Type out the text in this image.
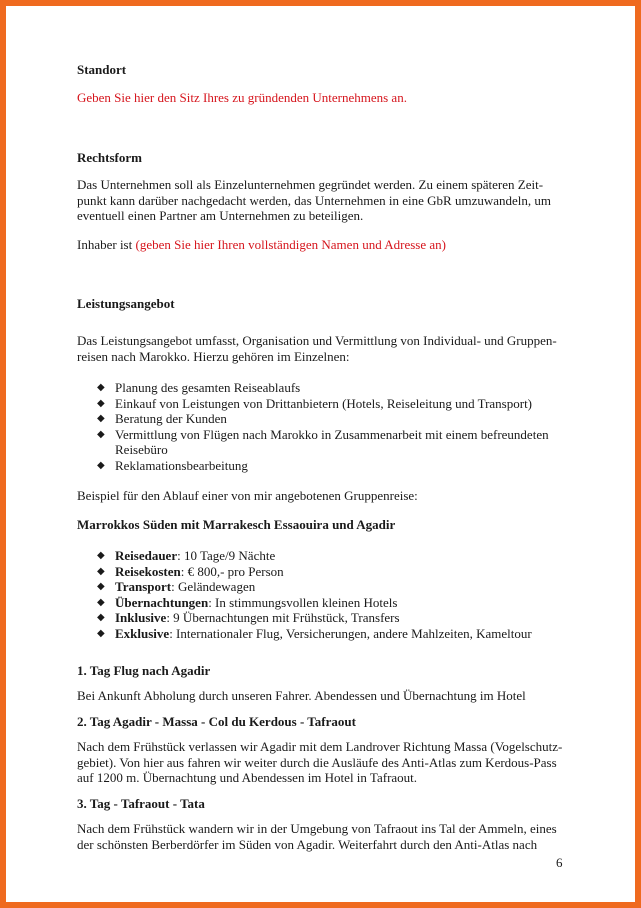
Standort
Geben Sie hier den Sitz Ihres zu gründenden Unternehmens an.
Rechtsform
Das Unternehmen soll als Einzelunternehmen gegründet werden. Zu einem späteren Zeit-
punkt kann darüber nachgedacht werden, das Unternehmen in eine GbR umzuwandeln, um
eventuell einen Partner am Unternehmen zu beteiligen.
Inhaber ist (geben Sie hier Ihren vollständigen Namen und Adresse an)
Leistungsangebot
Das Leistungsangebot umfasst, Organisation und Vermittlung von Individual- und Gruppen-
reisen nach Marokko. Hierzu gehören im Einzelnen:
◆ Planung des gesamten Reiseablaufs
◆ Einkauf von Leistungen von Drittanbietern (Hotels, Reiseleitung und Transport)
◆ Beratung der Kunden
◆ Vermittlung von Flügen nach Marokko in Zusammenarbeit mit einem befreundeten
Reisebüro
◆ Reklamationsbearbeitung
Beispiel für den Ablauf einer von mir angebotenen Gruppenreise:
Marrokkos Süden mit Marrakesch Essaouira und Agadir
◆ Reisedauer: 10 Tage/9 Nächte
◆ Reisekosten: € 800,- pro Person
◆ Transport: Geländewagen
◆ Übernachtungen: In stimmungsvollen kleinen Hotels
◆ Inklusive: 9 Übernachtungen mit Frühstück, Transfers
◆ Exklusive: Internationaler Flug, Versicherungen, andere Mahlzeiten, Kameltour
1. Tag Flug nach Agadir
Bei Ankunft Abholung durch unseren Fahrer. Abendessen und Übernachtung im Hotel
2. Tag Agadir - Massa - Col du Kerdous - Tafraout
Nach dem Frühstück verlassen wir Agadir mit dem Landrover Richtung Massa (Vogelschutz-
gebiet). Von hier aus fahren wir weiter durch die Ausläufe des Anti-Atlas zum Kerdous-Pass
auf 1200 m. Übernachtung und Abendessen im Hotel in Tafraout.
3. Tag - Tafraout - Tata
Nach dem Frühstück wandern wir in der Umgebung von Tafraout ins Tal der Ammeln, eines
der schönsten Berberdörfer im Süden von Agadir. Weiterfahrt durch den Anti-Atlas nach
6
